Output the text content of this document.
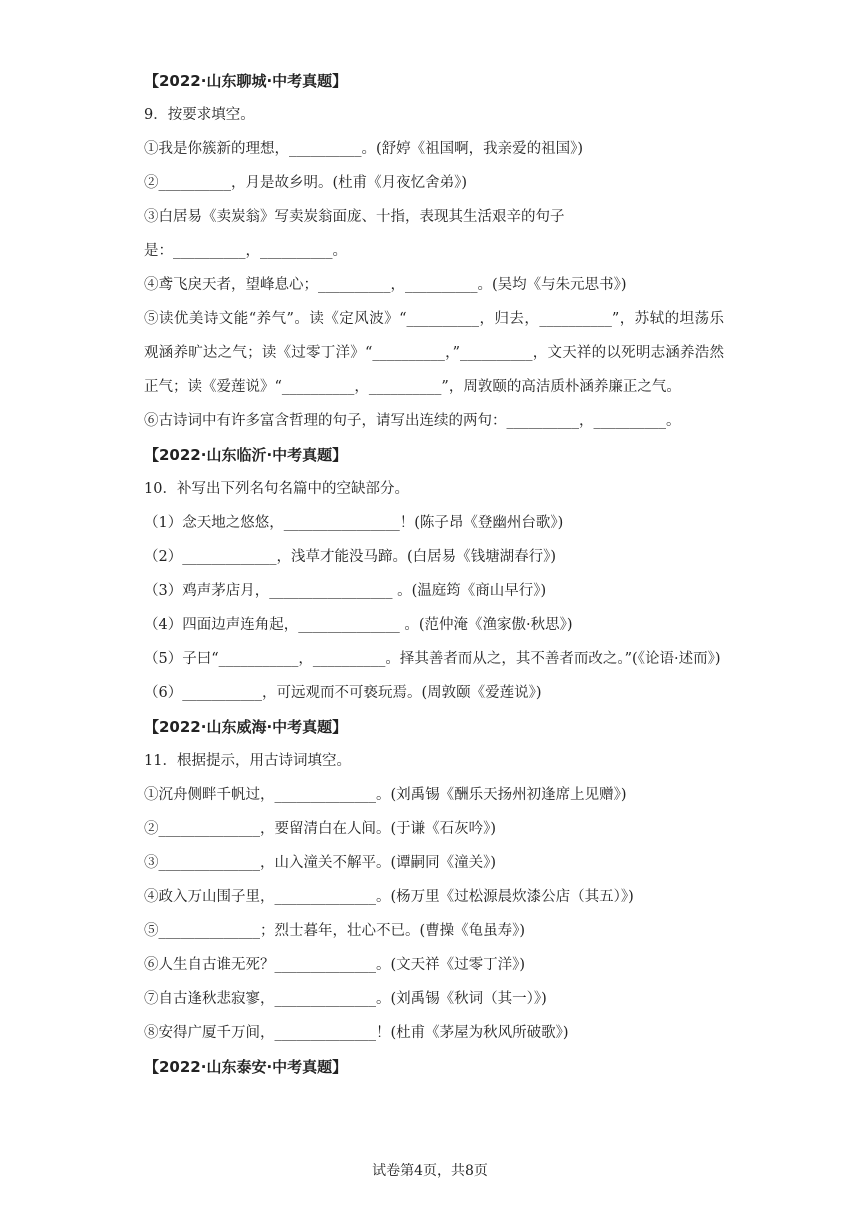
【2022·山东聊城·中考真题】
9．按要求填空。
①我是你簇新的理想，__________。(舒婷《祖国啊，我亲爱的祖国》)
②__________，月是故乡明。(杜甫《月夜忆舍弟》)
③白居易《卖炭翁》写卖炭翁面庞、十指，表现其生活艰辛的句子
是：__________，__________。
④鸢飞戾天者，望峰息心；__________，__________。(吴均《与朱元思书》)
⑤读优美诗文能“养气”。读《定风波》“__________，归去，__________”，苏轼的坦荡乐观涵养旷达之气；读《过零丁洋》“__________，”__________，文天祥的以死明志涵养浩然正气；读《爱莲说》“__________，__________”，周敦颐的高洁质朴涵养廉正之气。
⑥古诗词中有许多富含哲理的句子，请写出连续的两句：__________，__________。
【2022·山东临沂·中考真题】
10．补写出下列名句名篇中的空缺部分。
（1）念天地之悠悠，________________！(陈子昂《登幽州台歌》)
（2）_____________，浅草才能没马蹄。(白居易《钱塘湖春行》)
（3）鸡声茅店月，_________________ 。(温庭筠《商山早行》)
（4）四面边声连角起，______________ 。(范仲淹《渔家傲·秋思》)
（5）子曰“___________，__________。择其善者而从之，其不善者而改之。”(《论语·述而》)
（6）___________，可远观而不可亵玩焉。(周敦颐《爱莲说》)
【2022·山东威海·中考真题】
11．根据提示，用古诗词填空。
①沉舟侧畔千帆过，______________。(刘禹锡《酬乐天扬州初逢席上见赠》)
②______________，要留清白在人间。(于谦《石灰吟》)
③______________，山入潼关不解平。(谭嗣同《潼关》)
④政入万山围子里，______________。(杨万里《过松源晨炊漆公店（其五）》)
⑤______________；烈士暮年，壮心不已。(曹操《龟虽寿》)
⑥人生自古谁无死？______________。(文天祥《过零丁洋》)
⑦自古逢秋悲寂寥，______________。(刘禹锡《秋词（其一）》)
⑧安得广厦千万间，______________！(杜甫《茅屋为秋风所破歌》)
【2022·山东泰安·中考真题】
试卷第4页，共8页
